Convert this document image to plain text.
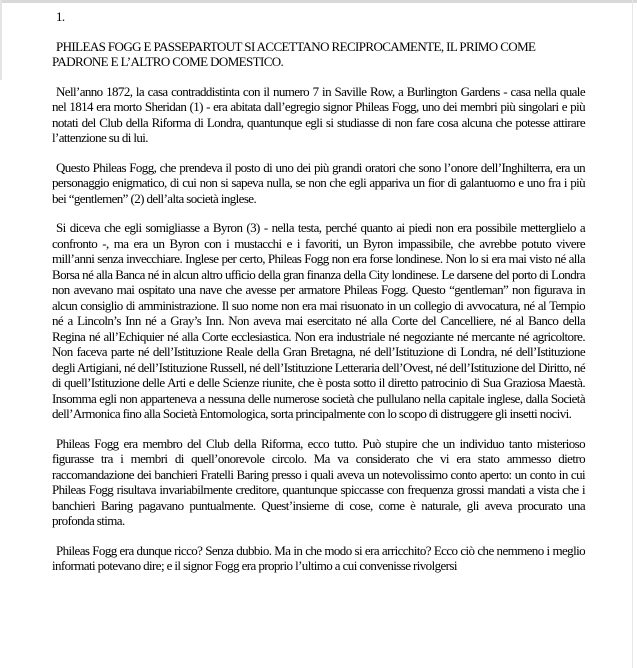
1.

PHILEAS FOGG E PASSEPARTOUT SI ACCETTANO RECIPROCAMENTE, IL PRIMO COME PADRONE E L’ALTRO COME DOMESTICO.

Nell’anno 1872, la casa contraddistinta con il numero 7 in Saville Row, a Burlington Gardens - casa nella quale nel 1814 era morto Sheridan (1) - era abitata dall’egregio signor Phileas Fogg, uno dei membri più singolari e più notati del Club della Riforma di Londra, quantunque egli si studiasse di non fare cosa alcuna che potesse attirare l’attenzione su di lui.

Questo Phileas Fogg, che prendeva il posto di uno dei più grandi oratori che sono l’onore dell’Inghilterra, era un personaggio enigmatico, di cui non si sapeva nulla, se non che egli appariva un fior di galantuomo e uno fra i più bei “gentlemen” (2) dell’alta società inglese.

Si diceva che egli somigliasse a Byron (3) - nella testa, perché quanto ai piedi non era possibile metterglielo a confronto -, ma era un Byron con i mustacchi e i favoriti, un Byron impassibile, che avrebbe potuto vivere mill’anni senza invecchiare. Inglese per certo, Phileas Fogg non era forse londinese. Non lo si era mai visto né alla Borsa né alla Banca né in alcun altro ufficio della gran finanza della City londinese. Le darsene del porto di Londra non avevano mai ospitato una nave che avesse per armatore Phileas Fogg. Questo “gentleman” non figurava in alcun consiglio di amministrazione. Il suo nome non era mai risuonato in un collegio di avvocatura, né al Tempio né a Lincoln’s Inn né a Gray’s Inn. Non aveva mai esercitato né alla Corte del Cancelliere, né al Banco della Regina né all’Echiquier né alla Corte ecclesiastica. Non era industriale né negoziante né mercante né agricoltore. Non faceva parte né dell’Istituzione Reale della Gran Bretagna, né dell’Istituzione di Londra, né dell’Istituzione degli Artigiani, né dell’Istituzione Russell, né dell’Istituzione Letteraria dell’Ovest, né dell’Istituzione del Diritto, né di quell’Istituzione delle Arti e delle Scienze riunite, che è posta sotto il diretto patrocinio di Sua Graziosa Maestà. Insomma egli non apparteneva a nessuna delle numerose società che pullulano nella capitale inglese, dalla Società dell’Armonica fino alla Società Entomologica, sorta principalmente con lo scopo di distruggere gli insetti nocivi.

Phileas Fogg era membro del Club della Riforma, ecco tutto. Può stupire che un individuo tanto misterioso figurasse tra i membri di quell’onorevole circolo. Ma va considerato che vi era stato ammesso dietro raccomandazione dei banchieri Fratelli Baring presso i quali aveva un notevolissimo conto aperto: un conto in cui Phileas Fogg risultava invariabilmente creditore, quantunque spiccasse con frequenza grossi mandati a vista che i banchieri Baring pagavano puntualmente. Quest’insieme di cose, come è naturale, gli aveva procurato una profonda stima.

Phileas Fogg era dunque ricco? Senza dubbio. Ma in che modo si era arricchito? Ecco ciò che nemmeno i meglio informati potevano dire; e il signor Fogg era proprio l’ultimo a cui convenisse rivolgersi
